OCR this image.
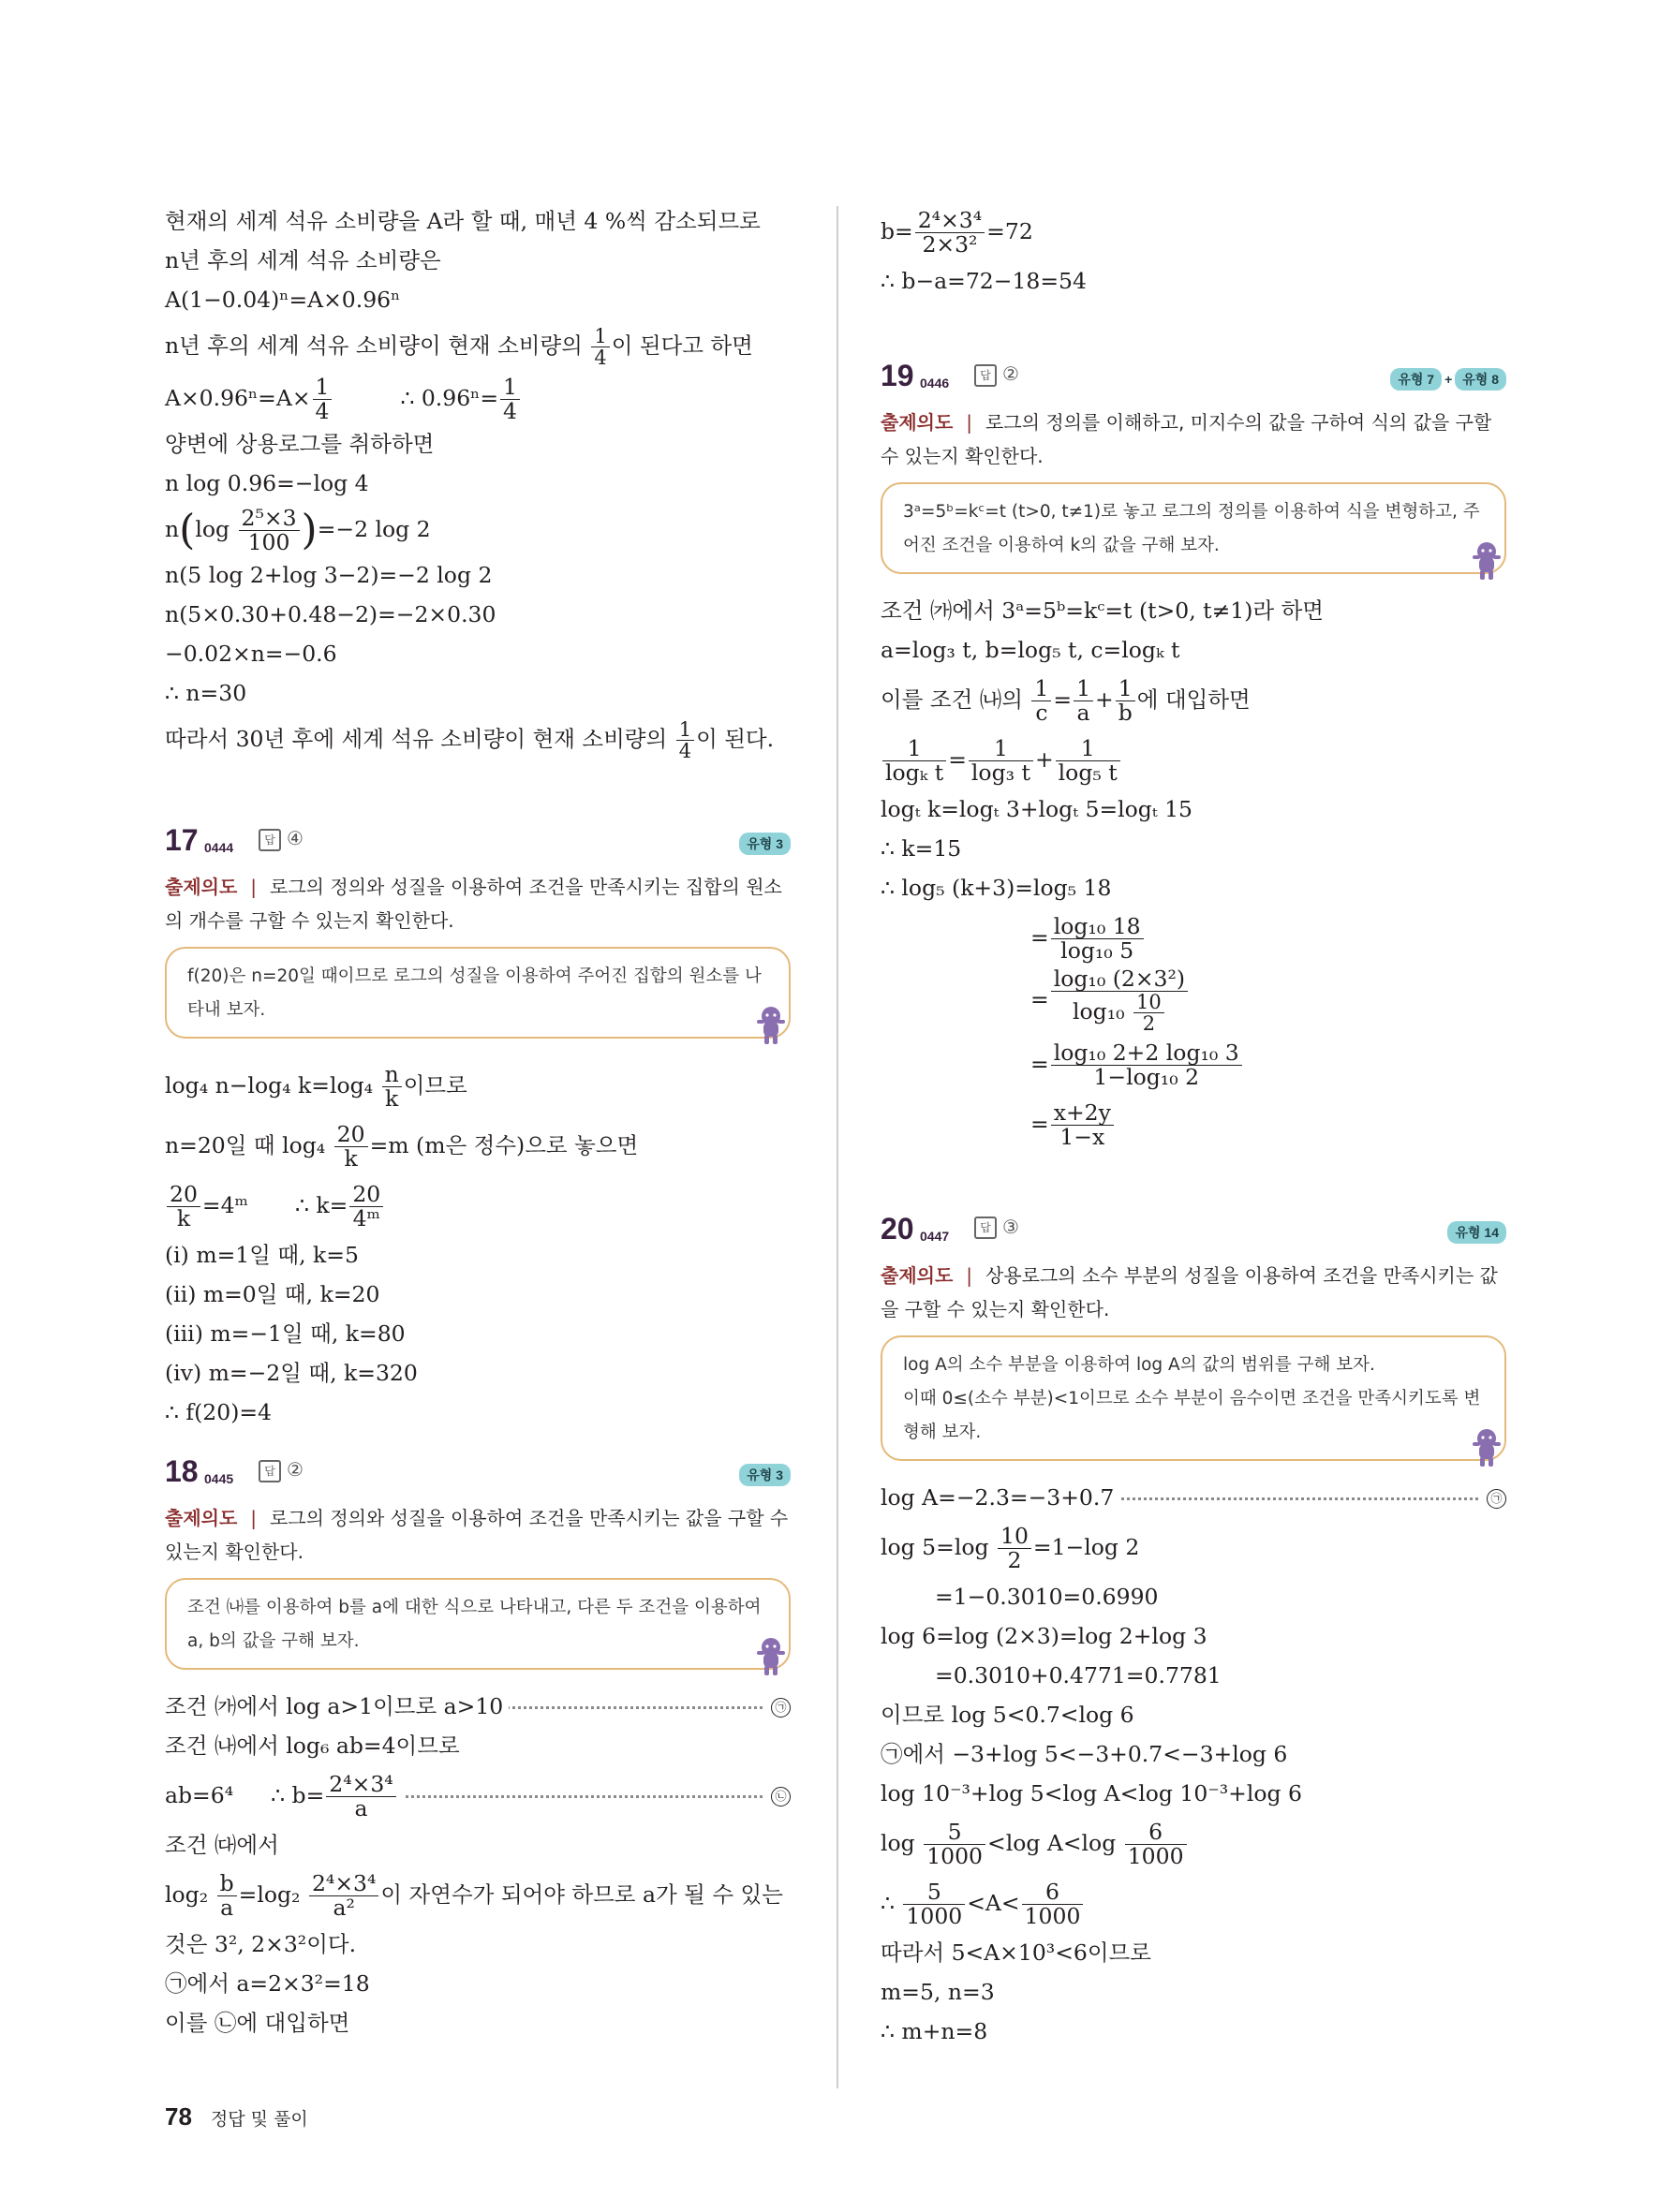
현재의 세계 석유 소비량을 A라 할 때, 매년 4 %씩 감소되므로
n년 후의 세계 석유 소비량은
A(1−0.04)ⁿ=A×0.96ⁿ
n년 후의 세계 석유 소비량이 현재 소비량의 $\frac{1}{4}$ 이 된다고 하면
$A\times 0.96^n=A\times \frac{1}{4}$	∴ $0.96^n= \frac{1}{4}$
양변에 상용로그를 취하하면
n log 0.96=−log 4
$n(\log \frac{\text{2⁵×3}}{100} )=-2$ log 2
n(5 log 2+log 3−2)=−2 log 2
n(5×0.30+0.48−2)=−2×0.30
−0.02×n=−0.6
∴ n=30
따라서 30년 후에 세계 석유 소비량이 현재 소비량의 $\frac{1}{4}$ 이 된다.
17 0444
답 ④	유형 3
출제의도 | 로그의 정의와 성질을 이용하여 조건을 만족시키는 집합의 원소의 개수를 구할 수 있는지 확인한다.
f(20)은 n=20일 때이므로 로그의 성질을 이용하여 주어진 집합의 원소를 나타내 보자.
log₄ n−log₄ $k=\log_4 \frac{n}{k}$ 이므로
n=20일 때 $\log_4 \frac{20}{k} =m$ (m은 정수)으로 놓으면
$\frac{20}{k}$ =4ᵐ ∴ $k= \frac{20}{\text{4ᵐ}}$
(ⅰ) m=1일 때, k=5
(ⅱ) m=0일 때, k=20
(ⅲ) m=−1일 때, k=80
(ⅳ) m=−2일 때, k=320
∴ f(20)=4
18 0445
답 ②	유형 3
출제의도 | 로그의 정의와 성질을 이용하여 조건을 만족시키는 값을 구할 수 있는지 확인한다.
조건 ㈏를 이용하여 b를 a에 대한 식으로 나타내고, 다른 두 조건을 이용하여 a, b의 값을 구해 보자.
조건 ㈎에서 log a>1이므로 a>10	㉠
조건 ㈏에서 log₆ ab=4이므로
ab=6⁴ ∴ $b= \frac{\text{2⁴×3⁴}}{a}$	㉡
조건 ㈐에서
$\log_2 \frac{b}{a} =\log_2 \frac{\text{2⁴×3⁴}}{\text{a²}}$ 이 자연수가 되어야 하므로 a가 될 수 있는
것은 3², 2×3²이다.
㉠에서 a=2×3²=18
이를 ㉡에 대입하면
$b= \frac{\text{2⁴×3⁴}}{\text{2×3²}} =72$
∴ b−a=72−18=54
19 0446
답 ②	유형 7 + 유형 8
출제의도 | 로그의 정의를 이해하고, 미지수의 값을 구하여 식의 값을 구할 수 있는지 확인한다.
3ᵃ=5ᵇ=kᶜ=t (t>0, t≠1)로 놓고 로그의 정의를 이용하여 식을 변형하고, 주어진 조건을 이용하여 k의 값을 구해 보자.
조건 ㈎에서 3ᵃ=5ᵇ=kᶜ=t (t>0, t≠1)라 하면
a=log₃ t, b=log₅ t, c=logₖ t
이를 조건 ㈏의 $\frac{1}{c} = \frac{1}{a} + \frac{1}{b}$ 에 대입하면
$\frac{1}{\text{logₖ t}} = \frac{1}{\text{log₃ t}} + \frac{1}{\text{log₅ t}}$
logₜ k=logₜ 3+logₜ 5=logₜ 15
∴ k=15
∴ log₅ (k+3)=log₅ 18
= $\frac{\text{log₁₀ 18}}{\text{log₁₀ 5}}$
= $\frac{\text{log₁₀ (2×3²)}}{\log_{10} \frac{10}{2}}$
= $\frac{\text{log₁₀ 2+2 log₁₀ 3}}{\text{1−log₁₀ 2}}$
= $\frac{x+2y}{1-x}$
20 0447
답 ③	유형 14
출제의도 | 상용로그의 소수 부분의 성질을 이용하여 조건을 만족시키는 값을 구할 수 있는지 확인한다.
log A의 소수 부분을 이용하여 log A의 값의 범위를 구해 보자.
이때 0≤(소수 부분)<1이므로 소수 부분이 음수이면 조건을 만족시키도록 변형해 보자.
log A=−2.3=−3+0.7	㉠
$\log 5=\log \frac{10}{2} =1-\log$ 2
=1−0.3010=0.6990
log 6=log (2×3)=log 2+log 3
=0.3010+0.4771=0.7781
이므로 log 5<0.7<log 6
㉠에서 −3+log 5<−3+0.7<−3+log 6
log 10⁻³+log 5<log A<log 10⁻³+log 6
$\log \frac{5}{1000} <\log$ $A<\log \frac{6}{1000}$
∴ $\frac{5}{1000} <A< \frac{6}{1000}$
따라서 5<A×10³<6이므로
m=5, n=3
∴ m+n=8
78 정답 및 풀이
